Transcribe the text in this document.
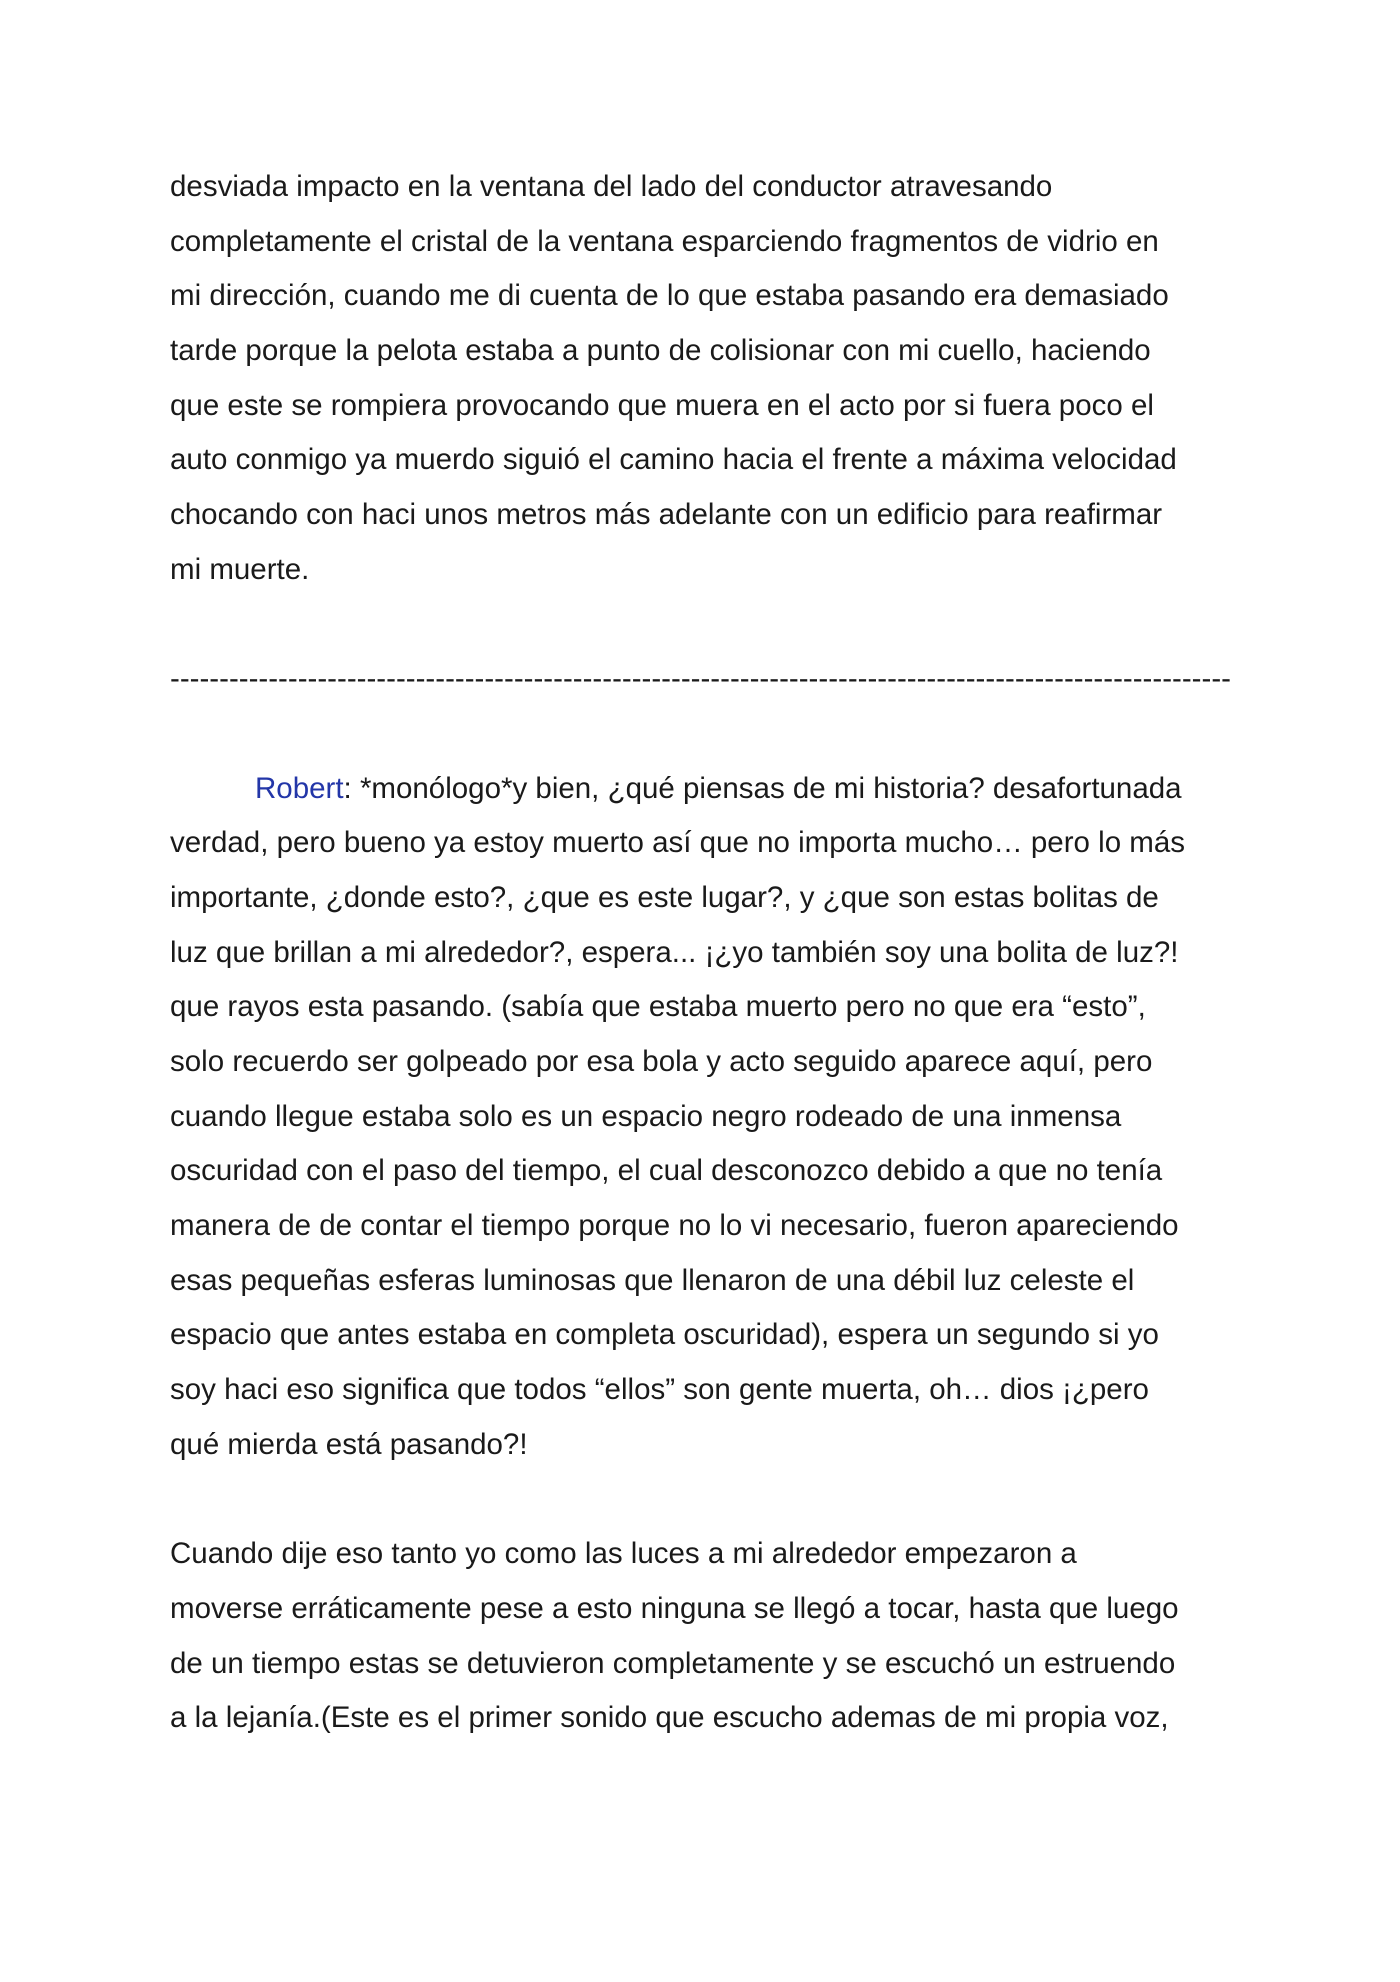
desviada impacto en la ventana del lado del conductor atravesando
completamente el cristal de la ventana esparciendo fragmentos de vidrio en
mi dirección, cuando me di cuenta de lo que estaba pasando era demasiado
tarde porque la pelota estaba a punto de colisionar con mi cuello, haciendo
que este se rompiera provocando que muera en el acto por si fuera poco el
auto conmigo ya muerdo siguió el camino hacia el frente a máxima velocidad
chocando con haci unos metros más adelante con un edificio para reafirmar
mi muerte.
------------------------------------------------------------------------------------------------------------
Robert: *monólogo*y bien, ¿qué piensas de mi historia? desafortunada
verdad, pero bueno ya estoy muerto así que no importa mucho… pero lo más
importante, ¿donde esto?, ¿que es este lugar?, y ¿que son estas bolitas de
luz que brillan a mi alrededor?, espera... ¡¿yo también soy una bolita de luz?!
que rayos esta pasando. (sabía que estaba muerto pero no que era “esto”,
solo recuerdo ser golpeado por esa bola y acto seguido aparece aquí, pero
cuando llegue estaba solo es un espacio negro rodeado de una inmensa
oscuridad con el paso del tiempo, el cual desconozco debido a que no tenía
manera de de contar el tiempo porque no lo vi necesario, fueron apareciendo
esas pequeñas esferas luminosas que llenaron de una débil luz celeste el
espacio que antes estaba en completa oscuridad), espera un segundo si yo
soy haci eso significa que todos “ellos” son gente muerta, oh… dios ¡¿pero
qué mierda está pasando?!
Cuando dije eso tanto yo como las luces a mi alrededor empezaron a
moverse erráticamente pese a esto ninguna se llegó a tocar, hasta que luego
de un tiempo estas se detuvieron completamente y se escuchó un estruendo
a la lejanía.(Este es el primer sonido que escucho ademas de mi propia voz,
